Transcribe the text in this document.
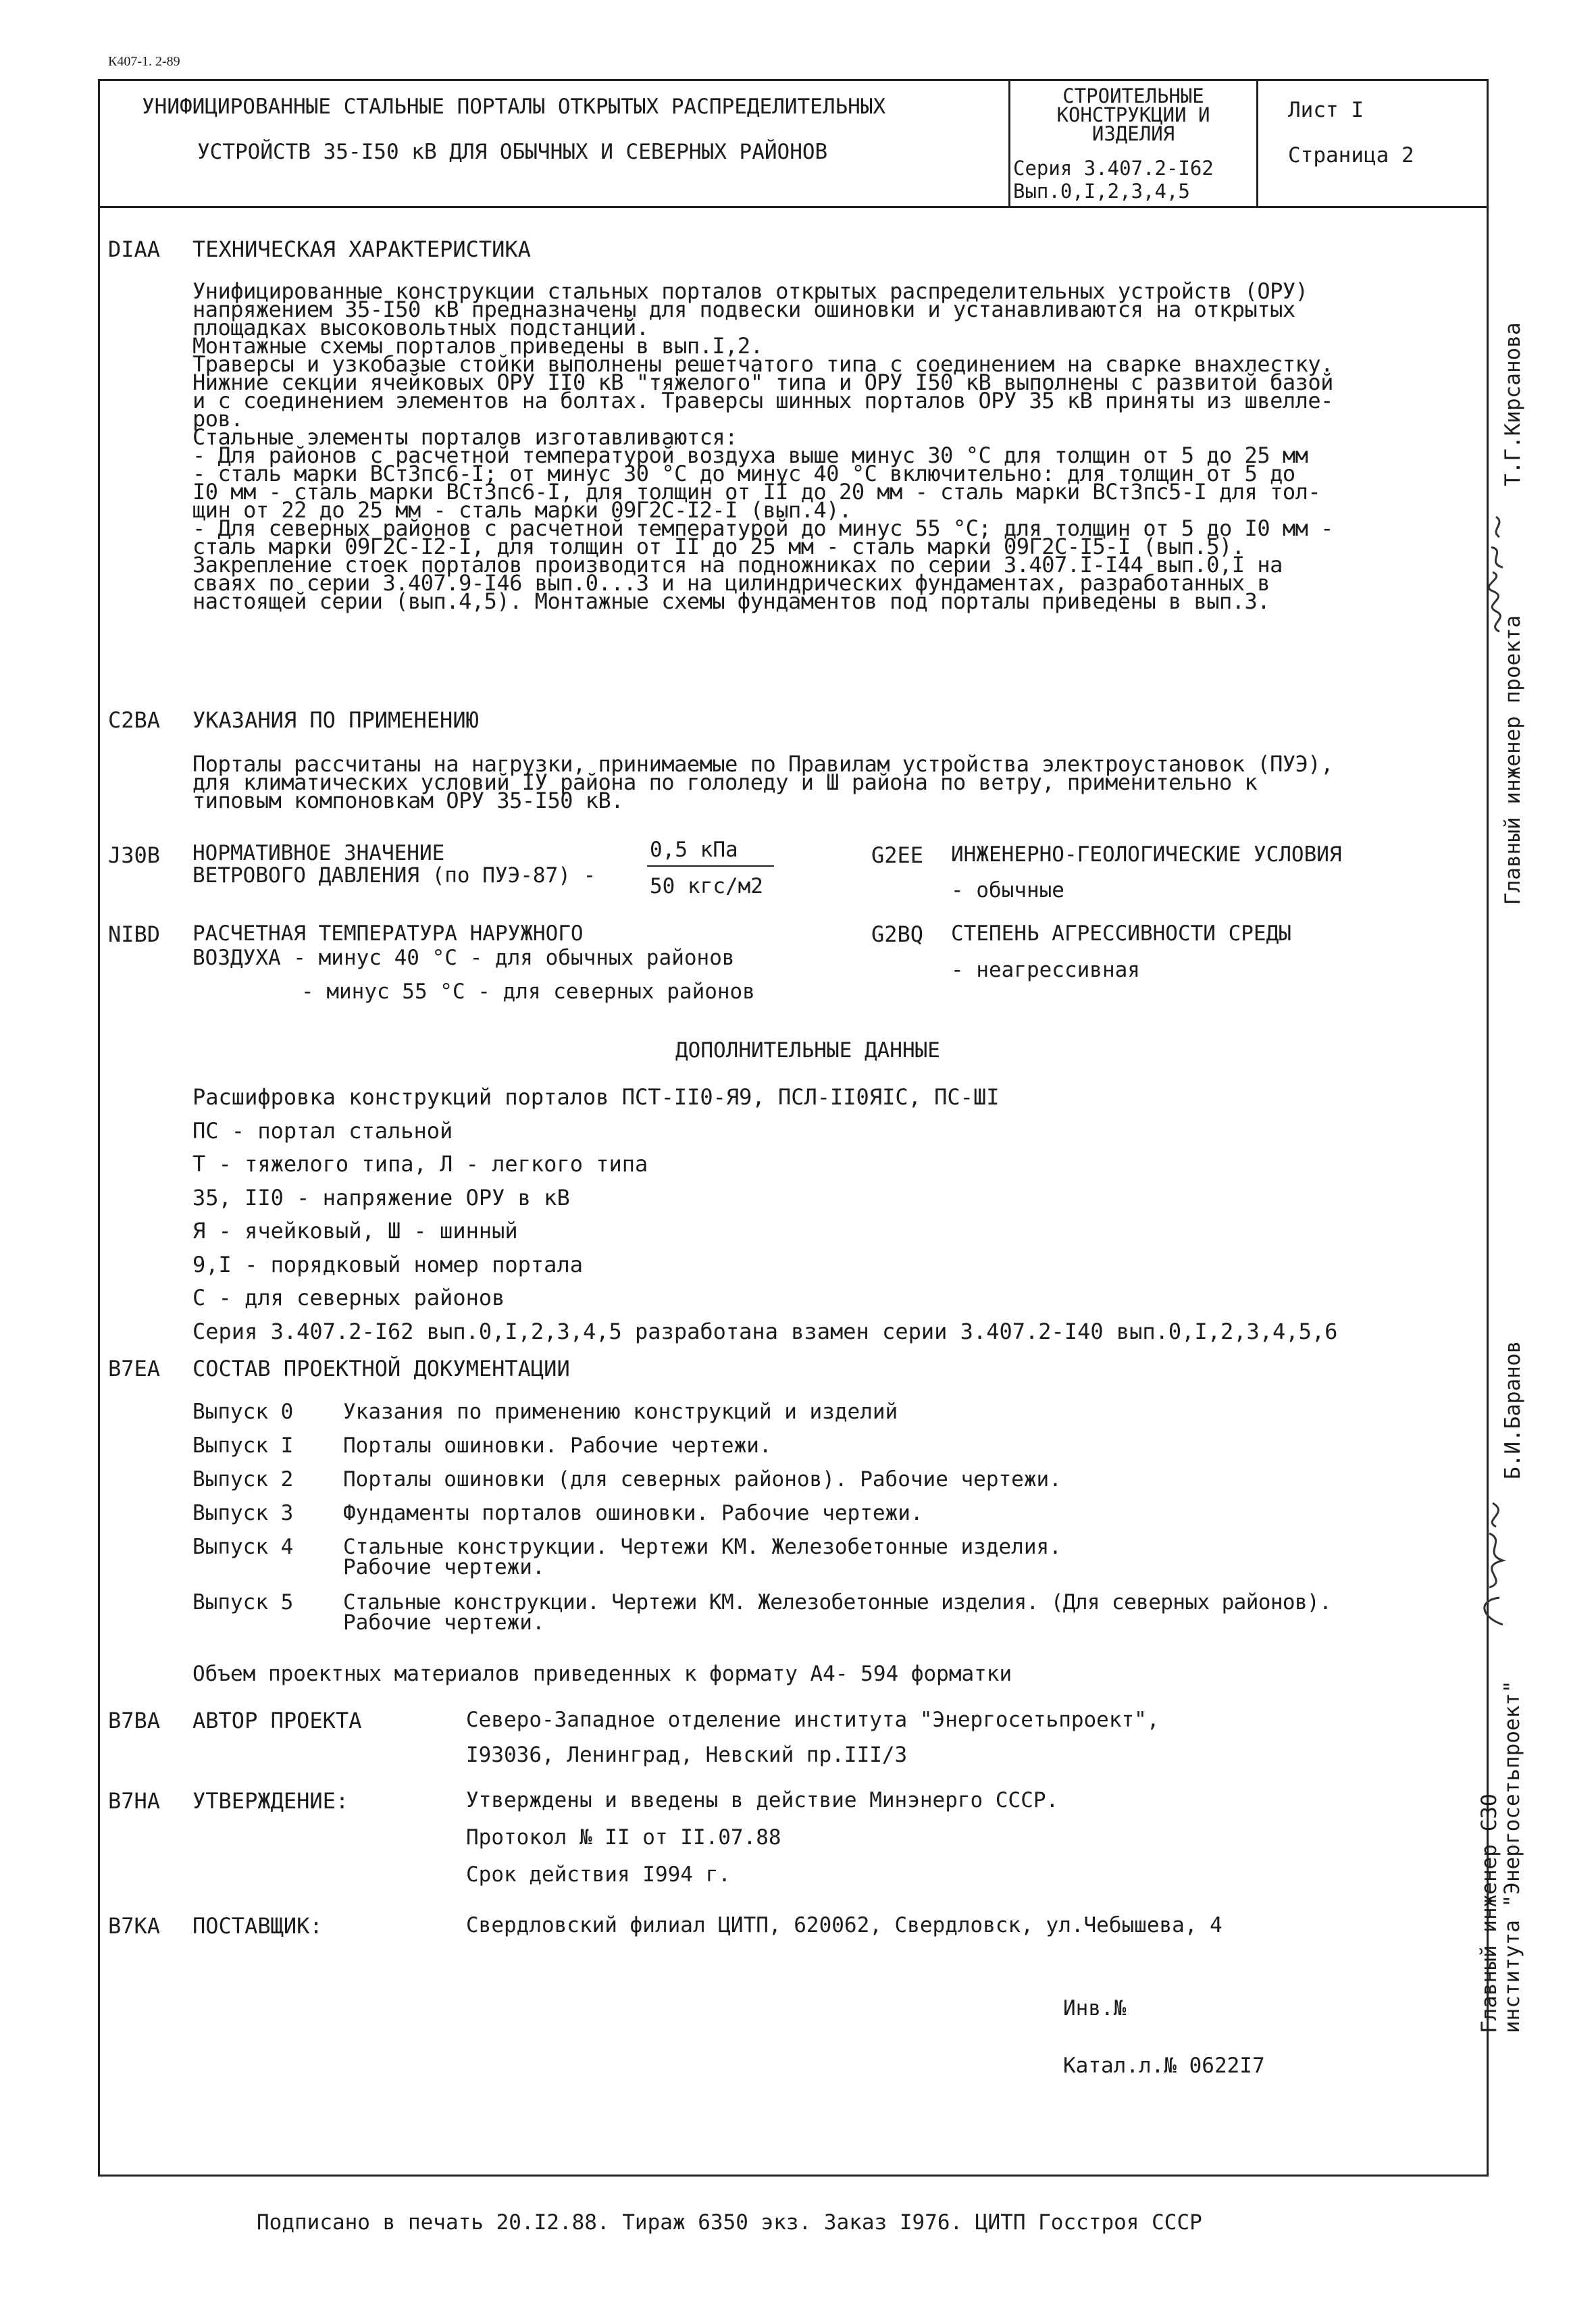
К407-1. 2-89
УНИФИЦИРОВАННЫЕ СТАЛЬНЫЕ ПОРТАЛЫ ОТКРЫТЫХ РАСПРЕДЕЛИТЕЛЬНЫХ
УСТРОЙСТВ 35-I50 кВ ДЛЯ ОБЫЧНЫХ И СЕВЕРНЫХ РАЙОНОВ
СТРОИТЕЛЬНЫЕ
КОНСТРУКЦИИ И
ИЗДЕЛИЯ
Серия 3.407.2-I62
Вып.0,I,2,3,4,5
Лист I
Страница 2
DIAA ТЕХНИЧЕСКАЯ ХАРАКТЕРИСТИКА
Унифицированные конструкции стальных порталов открытых распределительных устройств (ОРУ)
напряжением 35-I50 кВ предназначены для подвески ошиновки и устанавливаются на открытых
площадках высоковольтных подстанций.
Монтажные схемы порталов приведены в вып.I,2.
Траверсы и узкобазые стойки выполнены решетчатого типа с соединением на сварке внахлестку.
Нижние секции ячейковых ОРУ II0 кВ "тяжелого" типа и ОРУ I50 кВ выполнены с развитой базой
и с соединением элементов на болтах. Траверсы шинных порталов ОРУ 35 кВ приняты из швелле-
ров.
Стальные элементы порталов изготавливаются:
- Для районов с расчетной температурой воздуха выше минус 30 °С для толщин от 5 до 25 мм
- сталь марки ВСт3пс6-I; от минус 30 °С до минус 40 °С включительно: для толщин от 5 до
I0 мм - сталь марки ВСт3пс6-I, для толщин от II до 20 мм - сталь марки ВСт3пс5-I для тол-
щин от 22 до 25 мм - сталь марки 09Г2С-I2-I (вып.4).
- Для северных районов с расчетной температурой до минус 55 °С; для толщин от 5 до I0 мм -
сталь марки 09Г2С-I2-I, для толщин от II до 25 мм - сталь марки 09Г2С-I5-I (вып.5).
Закрепление стоек порталов производится на подножниках по серии 3.407.I-I44 вып.0,I на
сваях по серии 3.407.9-I46 вып.0...3 и на цилиндрических фундаментах, разработанных в
настоящей серии (вып.4,5). Монтажные схемы фундаментов под порталы приведены в вып.3.
C2BA УКАЗАНИЯ ПО ПРИМЕНЕНИЮ
Порталы рассчитаны на нагрузки, принимаемые по Правилам устройства электроустановок (ПУЭ),
для климатических условий IУ района по гололеду и Ш района по ветру, применительно к
типовым компоновкам ОРУ 35-I50 кВ.
J30B НОРМАТИВНОЕ ЗНАЧЕНИЕ
ВЕТРОВОГО ДАВЛЕНИЯ (по ПУЭ-87) -
0,5 кПа
50 кгс/м2
G2EE ИНЖЕНЕРНО-ГЕОЛОГИЧЕСКИЕ УСЛОВИЯ
- обычные
NIBD РАСЧЕТНАЯ ТЕМПЕРАТУРА НАРУЖНОГО
ВОЗДУХА - минус 40 °С - для обычных районов
- минус 55 °С - для северных районов
G2BQ СТЕПЕНЬ АГРЕССИВНОСТИ СРЕДЫ
- неагрессивная
ДОПОЛНИТЕЛЬНЫЕ ДАННЫЕ
Расшифровка конструкций порталов ПСТ-II0-Я9, ПСЛ-II0ЯIС, ПС-ШI
ПС - портал стальной
Т - тяжелого типа, Л - легкого типа
35, II0 - напряжение ОРУ в кВ
Я - ячейковый, Ш - шинный
9,I - порядковый номер портала
С - для северных районов
Серия 3.407.2-I62 вып.0,I,2,3,4,5 разработана взамен серии 3.407.2-I40 вып.0,I,2,3,4,5,6
B7EA СОСТАВ ПРОЕКТНОЙ ДОКУМЕНТАЦИИ
Выпуск 0 Указания по применению конструкций и изделий
Выпуск I Порталы ошиновки. Рабочие чертежи.
Выпуск 2 Порталы ошиновки (для северных районов). Рабочие чертежи.
Выпуск 3 Фундаменты порталов ошиновки. Рабочие чертежи.
Выпуск 4 Стальные конструкции. Чертежи КМ. Железобетонные изделия.
Рабочие чертежи.
Выпуск 5 Стальные конструкции. Чертежи КМ. Железобетонные изделия. (Для северных районов).
Рабочие чертежи.
Объем проектных материалов приведенных к формату А4- 594 форматки
B7BA АВТОР ПРОЕКТА	Северо-Западное отделение института "Энергосетьпроект",
I93036, Ленинград, Невский пр.III/3
B7HA УТВЕРЖДЕНИЕ:	Утверждены и введены в действие Минэнерго СССР.
Протокол № II от II.07.88
Срок действия I994 г.
B7KA ПОСТАВЩИК:	Свердловский филиал ЦИТП, 620062, Свердловск, ул.Чебышева, 4
Инв.№
Катал.л.№ 0622I7
Главный инженер проекта
Т.Г.Кирсанова
Б.И.Баранов
Главный инженер СЗО
института "Энергосетьпроект"
Подписано в печать 20.I2.88. Тираж 6350 экз. Заказ I976. ЦИТП Госстроя СССР
